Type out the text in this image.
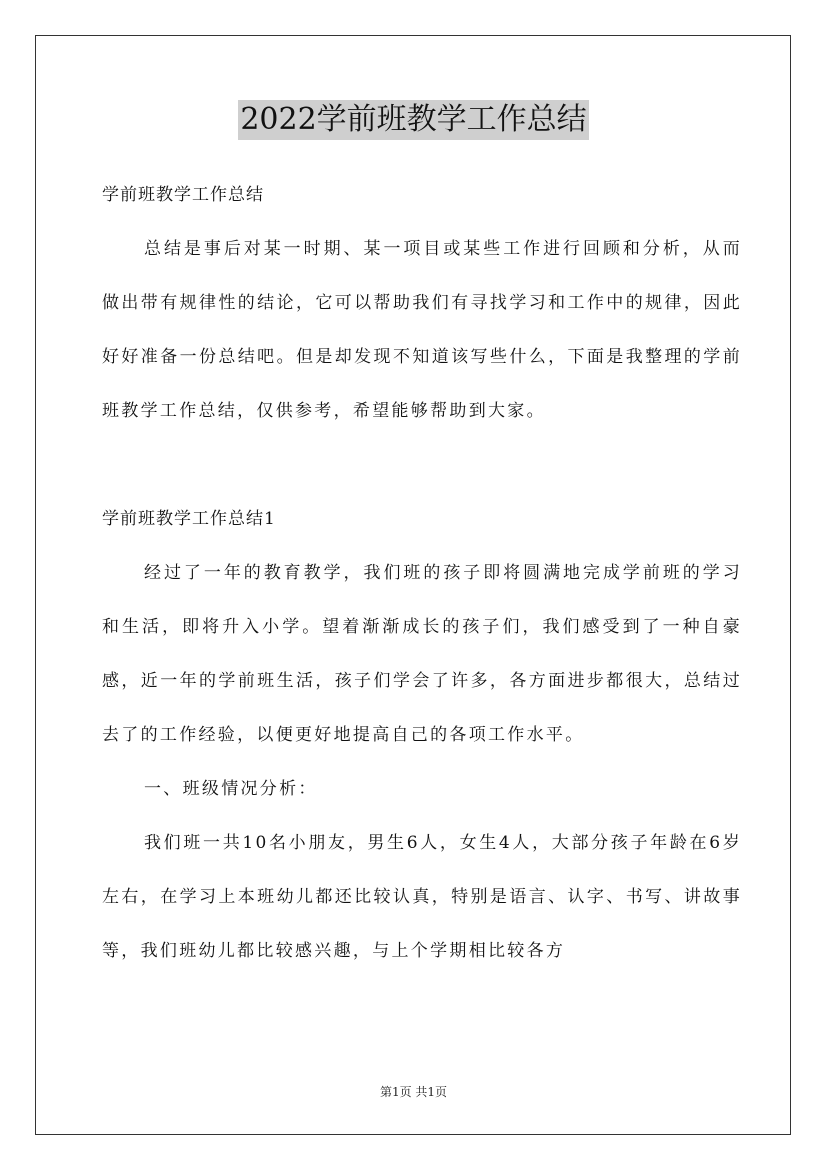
2022学前班教学工作总结

学前班教学工作总结

总结是事后对某一时期、某一项目或某些工作进行回顾和分析，从而做出带有规律性的结论，它可以帮助我们有寻找学习和工作中的规律，因此好好准备一份总结吧。但是却发现不知道该写些什么，下面是我整理的学前班教学工作总结，仅供参考，希望能够帮助到大家。

学前班教学工作总结1

经过了一年的教育教学，我们班的孩子即将圆满地完成学前班的学习和生活，即将升入小学。望着渐渐成长的孩子们，我们感受到了一种自豪感，近一年的学前班生活，孩子们学会了许多，各方面进步都很大，总结过去了的工作经验，以便更好地提高自己的各项工作水平。

一、班级情况分析：

我们班一共10名小朋友，男生6人，女生4人，大部分孩子年龄在6岁左右，在学习上本班幼儿都还比较认真，特别是语言、认字、书写、讲故事等，我们班幼儿都比较感兴趣，与上个学期相比较各方

第1页 共1页
